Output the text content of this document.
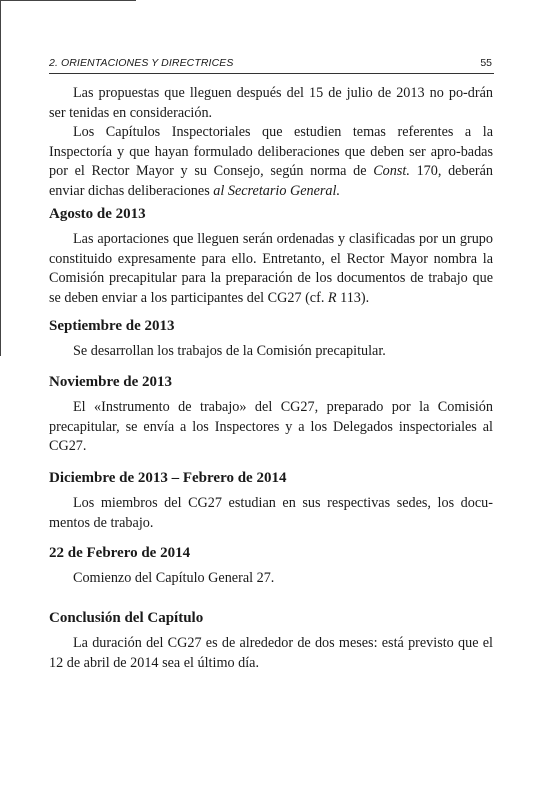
2. ORIENTACIONES Y DIRECTRICES	55

Las propuestas que lleguen después del 15 de julio de 2013 no po-drán ser tenidas en consideración.

Los Capítulos Inspectoriales que estudien temas referentes a la Inspectoría y que hayan formulado deliberaciones que deben ser apro-badas por el Rector Mayor y su Consejo, según norma de Const. 170, deberán enviar dichas deliberaciones al Secretario General.

Agosto de 2013

Las aportaciones que lleguen serán ordenadas y clasificadas por un grupo constituido expresamente para ello. Entretanto, el Rector Mayor nombra la Comisión precapitular para la preparación de los documentos de trabajo que se deben enviar a los participantes del CG27 (cf. R 113).

Septiembre de 2013

Se desarrollan los trabajos de la Comisión precapitular.

Noviembre de 2013

El «Instrumento de trabajo» del CG27, preparado por la Comisión precapitular, se envía a los Inspectores y a los Delegados inspectoriales al CG27.

Diciembre de 2013 – Febrero de 2014

Los miembros del CG27 estudian en sus respectivas sedes, los docu-mentos de trabajo.

22 de Febrero de 2014

Comienzo del Capítulo General 27.

Conclusión del Capítulo

La duración del CG27 es de alrededor de dos meses: está previsto que el 12 de abril de 2014 sea el último día.
